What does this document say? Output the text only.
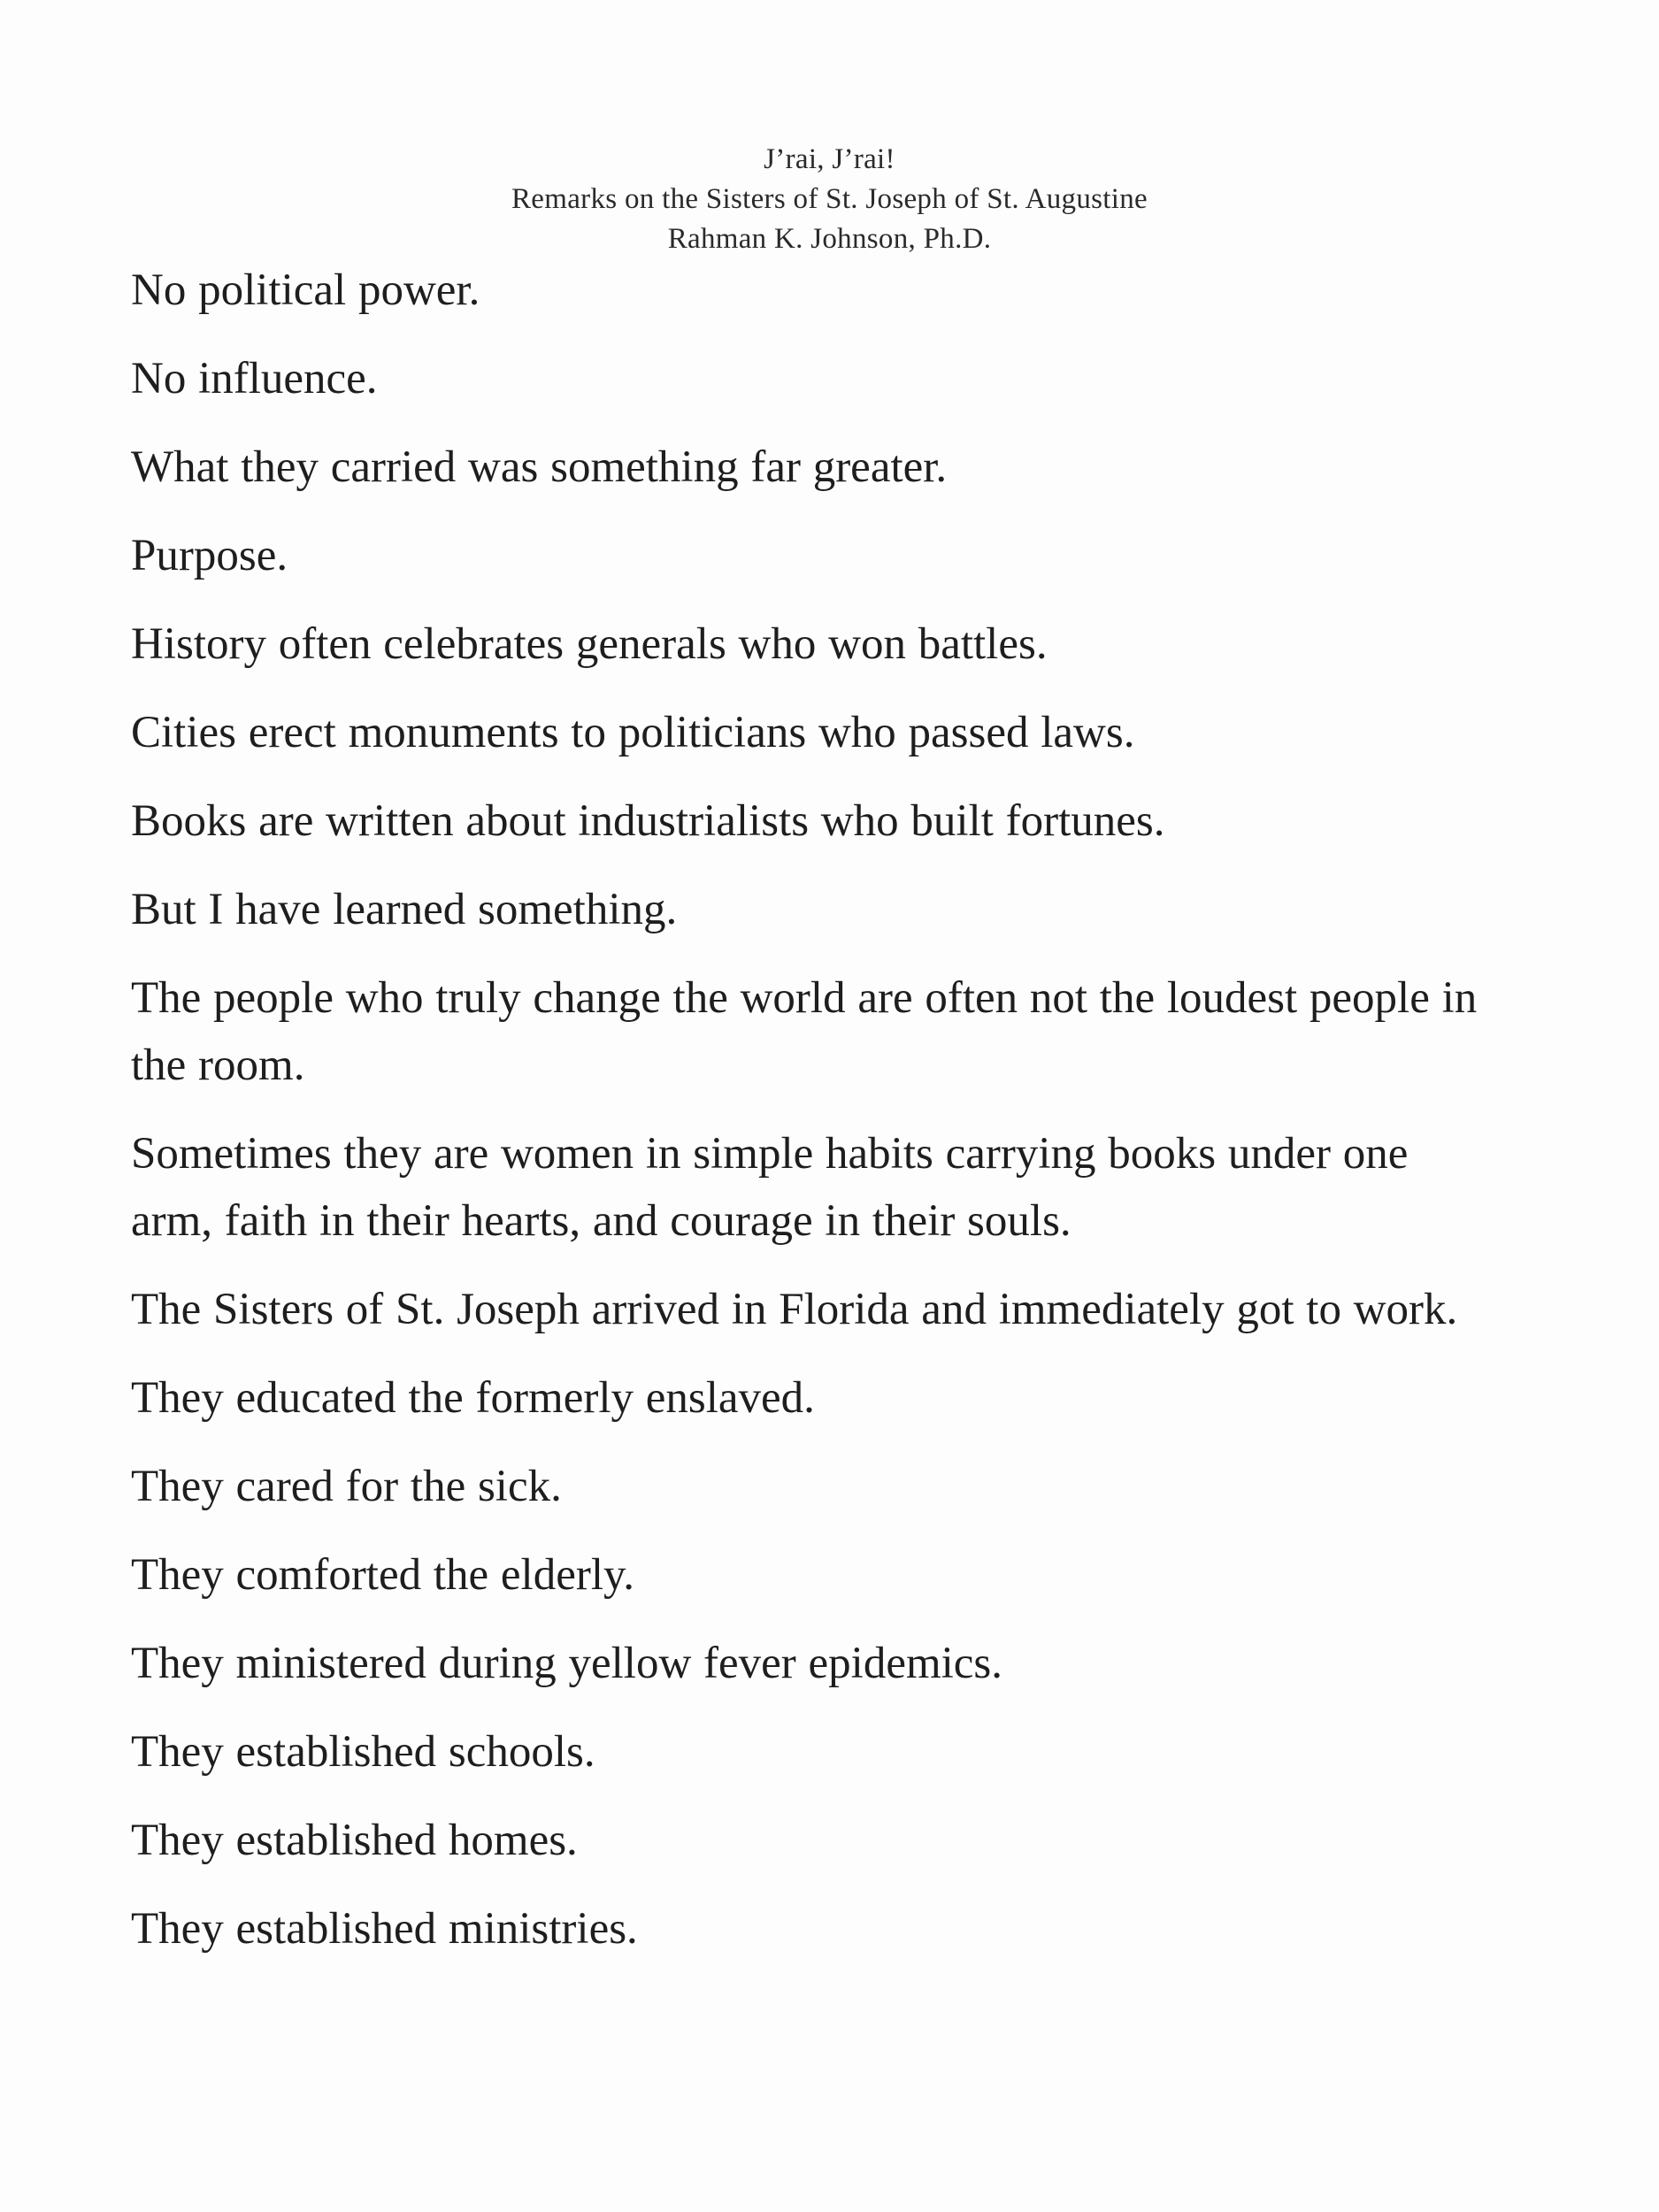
J’rai, J’rai!
Remarks on the Sisters of St. Joseph of St. Augustine
Rahman K. Johnson, Ph.D.

No political power.

No influence.

What they carried was something far greater.

Purpose.

History often celebrates generals who won battles.

Cities erect monuments to politicians who passed laws.

Books are written about industrialists who built fortunes.

But I have learned something.

The people who truly change the world are often not the loudest people in the room.

Sometimes they are women in simple habits carrying books under one arm, faith in their hearts, and courage in their souls.

The Sisters of St. Joseph arrived in Florida and immediately got to work.

They educated the formerly enslaved.

They cared for the sick.

They comforted the elderly.

They ministered during yellow fever epidemics.

They established schools.

They established homes.

They established ministries.
